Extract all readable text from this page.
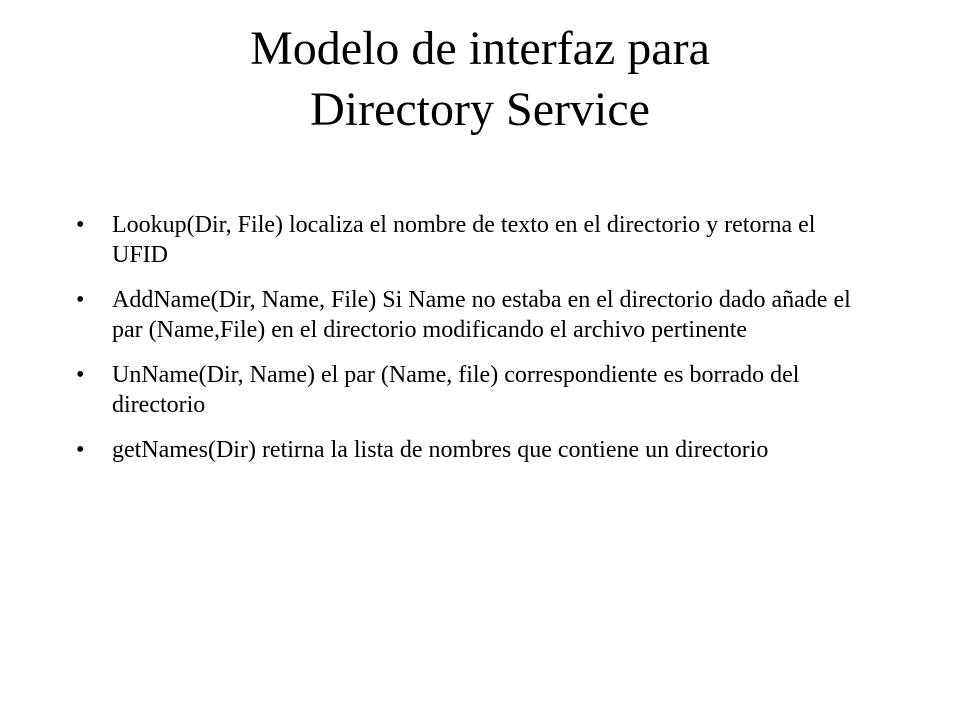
Modelo de interfaz para
Directory Service
•	Lookup(Dir, File) localiza el nombre de texto en el directorio y retorna el UFID
•	AddName(Dir, Name, File) Si Name no estaba en el directorio dado añade el par (Name,File) en el directorio modificando el archivo pertinente
•	UnName(Dir, Name) el par (Name, file) correspondiente es borrado del directorio
•	getNames(Dir) retirna la lista de nombres que contiene un directorio
